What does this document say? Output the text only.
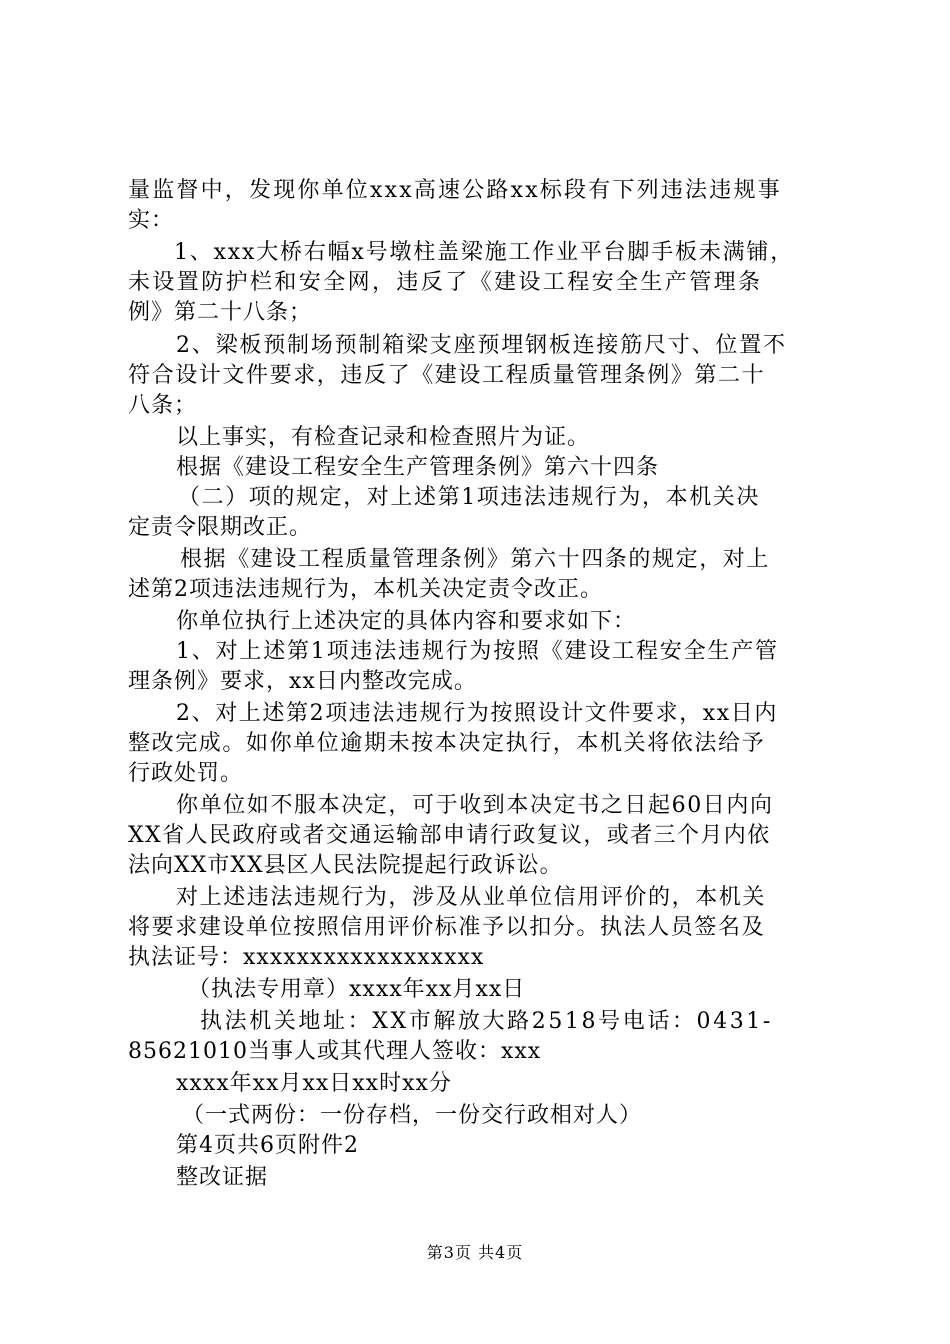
量监督中，发现你单位xxx高速公路xx标段有下列违法违规事
实：
1、xxx大桥右幅x号墩柱盖梁施工作业平台脚手板未满铺，
未设置防护栏和安全网，违反了《建设工程安全生产管理条
例》第二十八条；
2、梁板预制场预制箱梁支座预埋钢板连接筋尺寸、位置不
符合设计文件要求，违反了《建设工程质量管理条例》第二十
八条；
以上事实，有检查记录和检查照片为证。
根据《建设工程安全生产管理条例》第六十四条
（二）项的规定，对上述第1项违法违规行为，本机关决
定责令限期改正。
根据《建设工程质量管理条例》第六十四条的规定，对上
述第2项违法违规行为，本机关决定责令改正。
你单位执行上述决定的具体内容和要求如下：
1、对上述第1项违法违规行为按照《建设工程安全生产管
理条例》要求，xx日内整改完成。
2、对上述第2项违法违规行为按照设计文件要求，xx日内
整改完成。如你单位逾期未按本决定执行，本机关将依法给予
行政处罚。
你单位如不服本决定，可于收到本决定书之日起60日内向
XX省人民政府或者交通运输部申请行政复议，或者三个月内依
法向XX市XX县区人民法院提起行政诉讼。
对上述违法违规行为，涉及从业单位信用评价的，本机关
将要求建设单位按照信用评价标准予以扣分。执法人员签名及
执法证号：xxxxxxxxxxxxxxxxxx
（执法专用章）xxxx年xx月xx日
执法机关地址：XX市解放大路2518号电话：0431-
85621010当事人或其代理人签收：xxx
xxxx年xx月xx日xx时xx分
（一式两份：一份存档，一份交行政相对人）
第4页共6页附件2
整改证据
第3页 共4页
